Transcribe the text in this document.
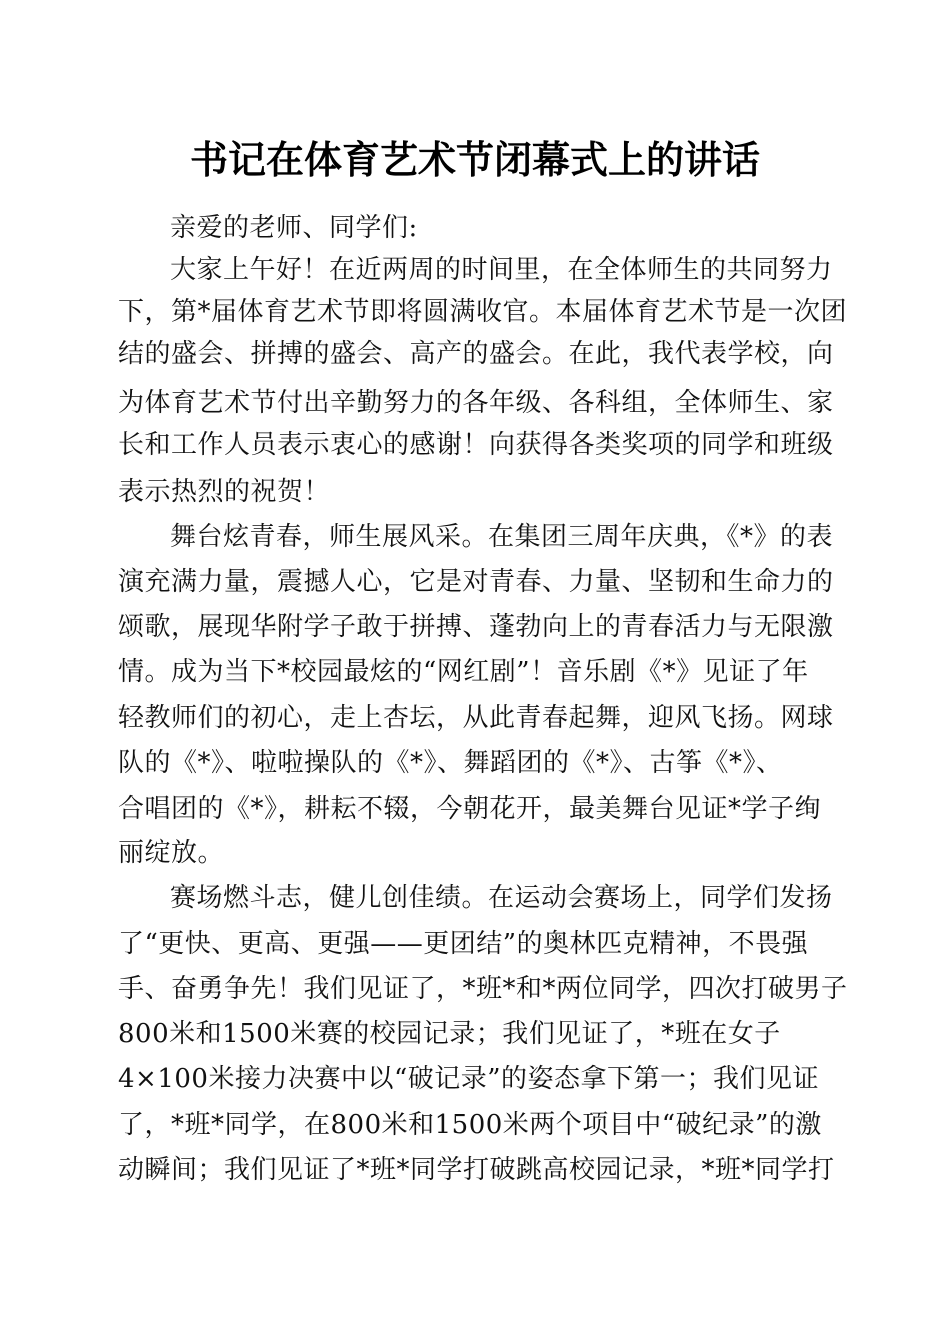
书记在体育艺术节闭幕式上的讲话

亲爱的老师、同学们:

大家上午好！在近两周的时间里，在全体师生的共同努力

下，第*届体育艺术节即将圆满收官。本届体育艺术节是一次团

结的盛会、拼搏的盛会、高产的盛会。在此，我代表学校，向

为体育艺术节付出辛勤努力的各年级、各科组，全体师生、家

长和工作人员表示衷心的感谢！向获得各类奖项的同学和班级

表示热烈的祝贺！

舞台炫青春，师生展风采。在集团三周年庆典，《*》的表

演充满力量，震撼人心，它是对青春、力量、坚韧和生命力的

颂歌，展现华附学子敢于拼搏、蓬勃向上的青春活力与无限激

情。成为当下*校园最炫的“网红剧”！音乐剧《*》见证了年

轻教师们的初心，走上杏坛，从此青春起舞，迎风飞扬。网球

队的《*》、啦啦操队的《*》、舞蹈团的《*》、古筝《*》、

合唱团的《*》，耕耘不辍，今朝花开，最美舞台见证*学子绚

丽绽放。

赛场燃斗志，健儿创佳绩。在运动会赛场上，同学们发扬

了“更快、更高、更强——更团结”的奥林匹克精神，不畏强

手、奋勇争先！我们见证了，*班*和*两位同学，四次打破男子

800米和1500米赛的校园记录；我们见证了，*班在女子

4×100米接力决赛中以“破记录”的姿态拿下第一；我们见证

了，*班*同学，在800米和1500米两个项目中“破纪录”的激

动瞬间；我们见证了*班*同学打破跳高校园记录，*班*同学打
